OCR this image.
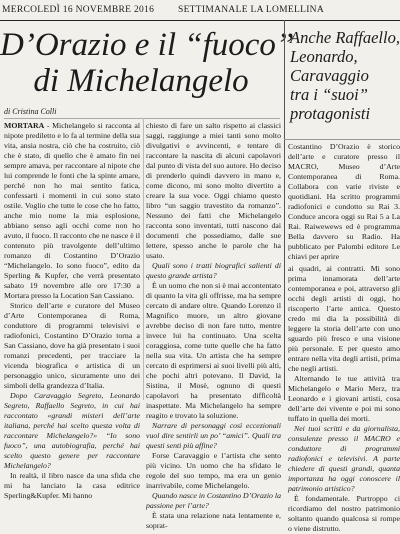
MERCOLEDÌ 16 NOVEMBRE 2016	SETTIMANALE LA LOMELLINA
D’Orazio e il “fuoco”
di Michelangelo
di Cristina Colli

MORTARA - Michelangelo si racconta al nipote prediletto e lo fa al termine della sua vita, ansia nostra, ciò che ha costruito, ciò che è stato, di quello che è amato fin nei sempre amava, per raccontare al nipote che lui comprende le fonti che la spinte amare, perché non ho mai sentito fatica, confessarti i momenti in cui sono stato ostile. Voglio che tutte le cose che ho fatto, anche mio nome la mia esplosione, abbiano senso agli occhi come non ho avuto, il fuoco. Il racconto che ne nasce è il contenuto più travolgente dell’ultimo romanzo di Costantino D’Orazio “Michelangelo. Io sono fuoco”, edito da Sperling & Kupfer, che verrà presentato sabato 19 novembre alle ore 17:30 a Mortara presso la Location San Cassiano.

Storico dell’arte e curatore del Museo d’Arte Contemporanea di Roma, conduttore di programmi televisivi e radiofonici, Costantino D’Orazio torna a San Cassiano, dove ha già presentato i suoi romanzi precedenti, per tracciare la vicenda biografica e artistica di un personaggio unico, sicuramente uno dei simboli della grandezza d’Italia.

Dopo Caravaggio Segreto, Leonardo Segreto, Raffaello Segreto, in cui hai raccontato «grandi misteri dell’arte italiana, perché hai scelto questa volta di raccontare Michelangelo?» “Io sono fuoco”, una autobiografia, perché hai scelto questo genere per raccontare Michelangelo?

In realtà, il libro nasce da una sfida che mi ha lanciato la casa editrice Sperling&Kupfer. Mi hanno

chiesto di fare un salto rispetto ai classici saggi, raggiunge a miei tanti sono molto divulgativi e avvincenti, e tentare di raccontare la nascita di alcuni capolavori dal punto di vista del suo autore. Ho deciso di prenderlo quindi davvero in mano e, come dicono, mi sono molto divertito a creare la sua voce. Oggi chiamo questo libro “un saggio travestito da romanzo”. Nessuno dei fatti che Michelangelo racconta sono inventati, tutti nascono dai documenti che possediamo, dalle sue lettere, spesso anche le parole che ha usato.

Quali sono i tratti biografici salienti di questo grande artista?

È un uomo che non si è mai accontentato di quanto la vita gli offrisse, ma ha sempre cercato di andare oltre. Quando Lorenzo il Magnifico muore, un altro giovane avrebbe deciso di non fare tutto, mentre invece lui ha continuato. Una scelta coraggiosa, come tutte quelle che ha fatto nella sua vita. Un artista che ha sempre cercato di esprimersi ai suoi livelli più alti, che pochi altri potevano. Il David, la Sistina, il Mosè, ognuno di questi capolavori ha presentato difficoltà inaspettate. Ma Michelangelo ha sempre reagito e trovato la soluzione.

Narrare di personaggi così eccezionali vuol dire sentirli un po’ “amici”. Quali tra questi senti più affine?

Forse Caravaggio e l’artista che sento più vicino. Un uomo che ha sfidato le regole del suo tempo, ma era un genio inarrivabile, come Michelangelo.

Quando nasce in Costantino D’Orazio la passione per l’arte?

È stata una relazione nata lentamente e, soprat-

Anche Raffaello,
Leonardo,
Caravaggio
tra i “suoi”
protagonisti

Costantino D’Orazio è storico dell’arte e curatore presso il MACRO, Museo d’Arte Contemporanea di Roma. Collabora con varie riviste e quotidiani. Ha scritto programmi radiofonici e condotto su Rai 3. Conduce ancora oggi su Rai 5 a La Rai. Raiwewews ed è programma Bella davvero su Radio. Ha pubblicato per Palombi editore Le chiavi per aprire

ai quadri, ai contratti. Mi sono prima innamorata dell’arte contemporanea e poi, attraverso gli occhi degli artisti di oggi, ho riscoperto l’arte antica. Questo credo mi dia la possibilità di leggere la storia dell’arte con uno sguardo più fresco e una visione più personale. E per questo amo entrare nella vita degli artisti, prima che negli artisti.

Alternando le tue attività tra Michelangelo e Mario Merz, tra Leonardo e i giovani artisti, cosa dell’arte dei vivente e poi mi sono tuffato in quella dei morti.

Nei tuoi scritti e da giornalista, consulenze presso il MACRO e conduttore di programmi radiofonici e televisivi. A parte chiedere di questi grandi, quanta importanza ha oggi conoscere il patrimonio artistico?

È fondamentale. Purtroppo ci ricordiamo del nostro patrimonio soltanto quando qualcosa si rompe o viene distrutto.
